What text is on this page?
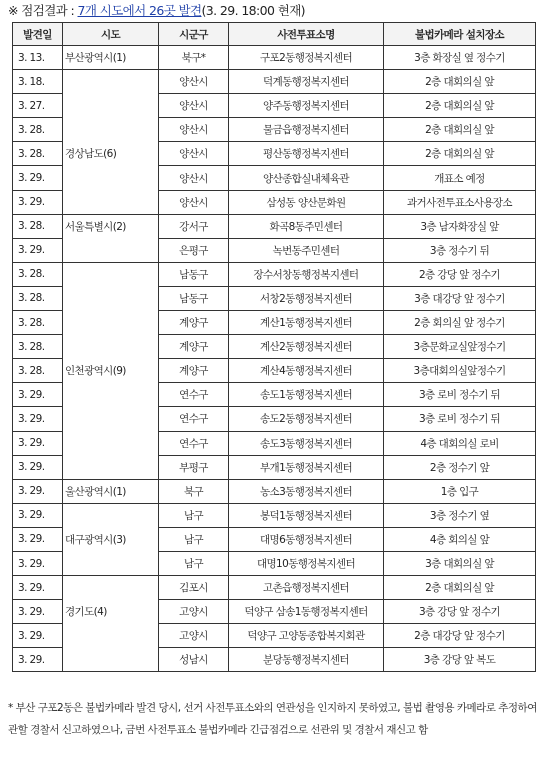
※ 점검결과 : 7개 시도에서 26곳 발견(3. 29. 18:00 현재)
발견일	시도	시군구	사전투표소명	불법카메라 설치장소
3. 13.	부산광역시(1)	북구*	구포2동행정복지센터	3층 화장실 옆 정수기
3. 18.		양산시	덕계동행정복지센터	2층 대회의실 앞
3. 27.		양산시	양주동행정복지센터	2층 대회의실 앞
3. 28.		양산시	물금읍행정복지센터	2층 대회의실 앞
3. 28.	경상남도(6)	양산시	평산동행정복지센터	2층 대회의실 앞
3. 29.		양산시	양산종합실내체육관	개표소 예정
3. 29.		양산시	삼성동 양산문화원	과거사전투표소사용장소
3. 28.	서울특별시(2)	강서구	화곡8동주민센터	3층 남자화장실 앞
3. 29.		은평구	녹번동주민센터	3층 정수기 뒤
3. 28.		남동구	장수서창동행정복지센터	2층 강당 앞 정수기
3. 28.		남동구	서창2동행정복지센터	3층 대강당 앞 정수기
3. 28.		계양구	계산1동행정복지센터	2층 회의실 앞 정수기
3. 28.		계양구	계산2동행정복지센터	3층문화교실앞정수기
3. 28.	인천광역시(9)	계양구	계산4동행정복지센터	3층대회의실앞정수기
3. 29.		연수구	송도1동행정복지센터	3층 로비 정수기 뒤
3. 29.		연수구	송도2동행정복지센터	3층 로비 정수기 뒤
3. 29.		연수구	송도3동행정복지센터	4층 대회의실 로비
3. 29.		부평구	부개1동행정복지센터	2층 정수기 앞
3. 29.	울산광역시(1)	북구	농소3동행정복지센터	1층 입구
3. 29.		남구	봉덕1동행정복지센터	3층 정수기 옆
3. 29.	대구광역시(3)	남구	대명6동행정복지센터	4층 회의실 앞
3. 29.		남구	대명10동행정복지센터	3층 대회의실 앞
3. 29.		김포시	고촌읍행정복지센터	2층 대회의실 앞
3. 29.	경기도(4)	고양시	덕양구 삼송1동행정복지센터	3층 강당 앞 정수기
3. 29.		고양시	덕양구 고양동종합복지회관	2층 대강당 앞 정수기
3. 29.		성남시	분당동행정복지센터	3층 강당 앞 복도
* 부산 구포2동은 불법카메라 발견 당시, 선거 사전투표소와의 연관성을 인지하지 못하였고, 불법 촬영용 카메라로 추정하여 관할 경찰서 신고하였으나, 금번 사전투표소 불법카메라 긴급점검으로 선관위 및 경찰서 재신고 함
